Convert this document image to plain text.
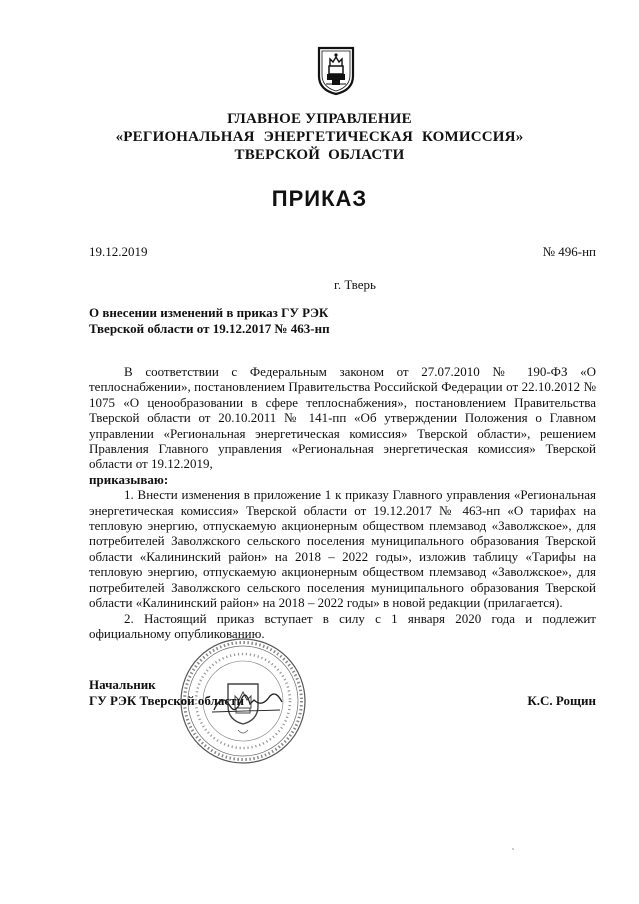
ГЛАВНОЕ УПРАВЛЕНИЕ
«РЕГИОНАЛЬНАЯ ЭНЕРГЕТИЧЕСКАЯ КОМИССИЯ»
ТВЕРСКОЙ ОБЛАСТИ
ПРИКАЗ
19.12.2019	№ 496-нп
г. Тверь
О внесении изменений в приказ ГУ РЭК
Тверской области от 19.12.2017 № 463-нп

В соответствии с Федеральным законом от 27.07.2010 № 190-ФЗ «О теплоснабжении», постановлением Правительства Российской Федерации от 22.10.2012 № 1075 «О ценообразовании в сфере теплоснабжения», постановлением Правительства Тверской области от 20.10.2011 № 141-пп «Об утверждении Положения о Главном управлении «Региональная энергетическая комиссия» Тверской области», решением Правления Главного управления «Региональная энергетическая комиссия» Тверской области от 19.12.2019,

приказываю:

1. Внести изменения в приложение 1 к приказу Главного управления «Региональная энергетическая комиссия» Тверской области от 19.12.2017 № 463-нп «О тарифах на тепловую энергию, отпускаемую акционерным обществом племзавод «Заволжское», для потребителей Заволжского сельского поселения муниципального образования Тверской области «Калининский район» на 2018 – 2022 годы», изложив таблицу «Тарифы на тепловую энергию, отпускаемую акционерным обществом племзавод «Заволжское», для потребителей Заволжского сельского поселения муниципального образования Тверской области «Калининский район» на 2018 – 2022 годы» в новой редакции (прилагается).

2. Настоящий приказ вступает в силу с 1 января 2020 года и подлежит официальному опубликованию.

Начальник
ГУ РЭК Тверской области	К.С. Рощин
